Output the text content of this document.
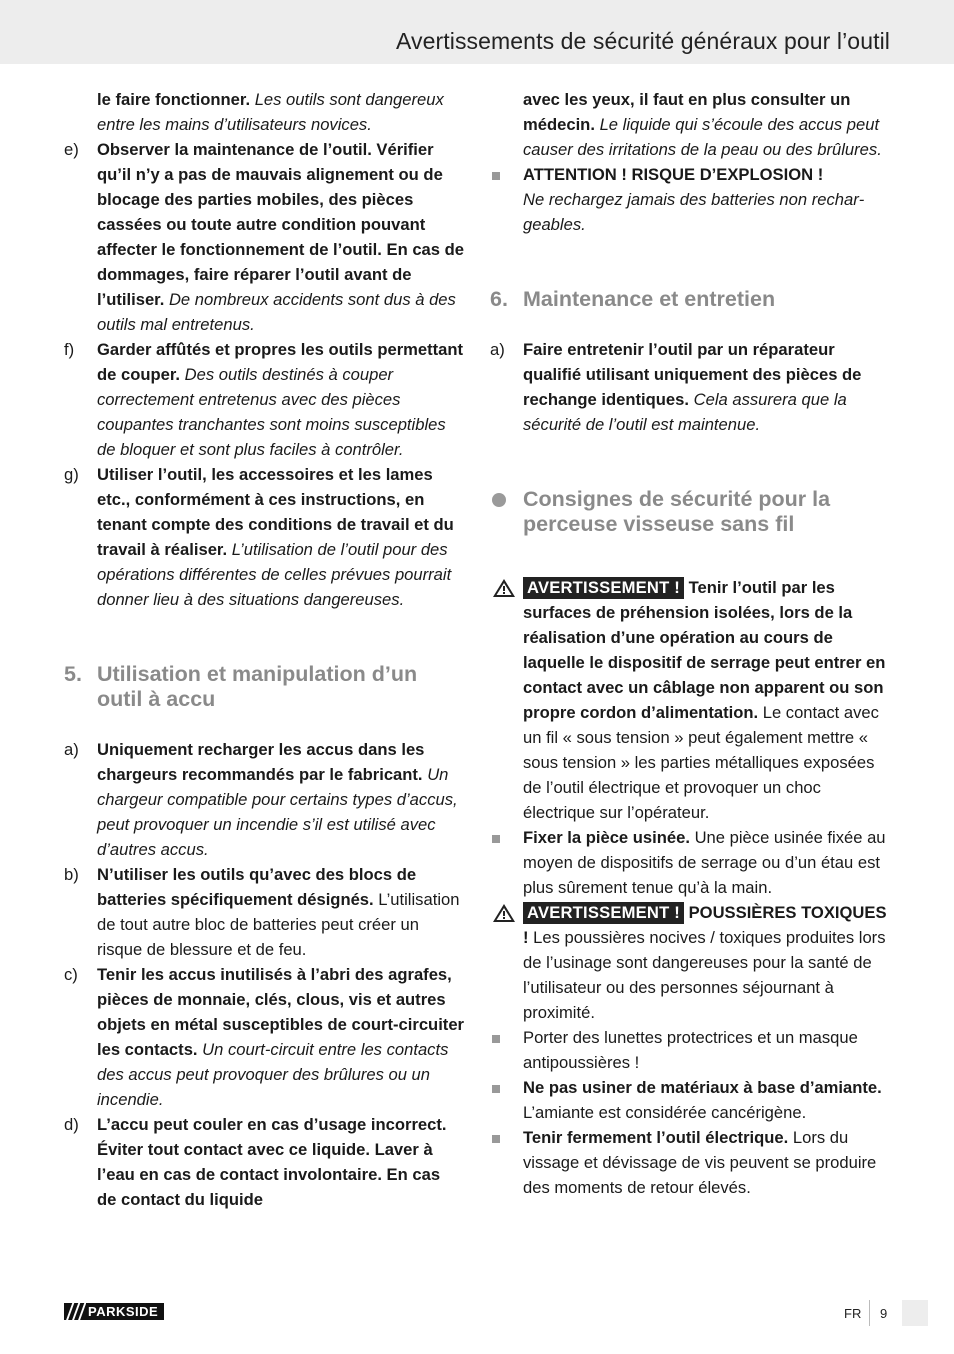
Avertissements de sécurité généraux pour l’outil
le faire fonctionner. Les outils sont dangereux entre les mains d’utilisateurs novices.
e) Observer la maintenance de l’outil. Vérifier qu’il n’y a pas de mauvais alignement ou de blocage des parties mobiles, des pièces cassées ou toute autre condition pouvant affecter le fonctionnement de l’outil. En cas de dommages, faire réparer l’outil avant de l’utiliser. De nombreux accidents sont dus à des outils mal entretenus.
f) Garder affûtés et propres les outils permettant de couper. Des outils destinés à couper correctement entretenus avec des pièces coupantes tranchantes sont moins susceptibles de bloquer et sont plus faciles à contrôler.
g) Utiliser l’outil, les accessoires et les lames etc., conformément à ces instructions, en tenant compte des conditions de travail et du travail à réaliser. L’utilisation de l’outil pour des opérations différentes de celles prévues pourrait donner lieu à des situations dangereuses.
5. Utilisation et manipulation d’un outil à accu
a) Uniquement recharger les accus dans les chargeurs recommandés par le fabricant. Un chargeur compatible pour certains types d’accus, peut provoquer un incendie s’il est utilisé avec d’autres accus.
b) N’utiliser les outils qu’avec des blocs de batteries spécifiquement désignés. L’utilisation de tout autre bloc de batteries peut créer un risque de blessure et de feu.
c) Tenir les accus inutilisés à l’abri des agrafes, pièces de monnaie, clés, clous, vis et autres objets en métal susceptibles de court-circuiter les contacts. Un court-circuit entre les contacts des accus peut provoquer des brûlures ou un incendie.
d) L’accu peut couler en cas d’usage incorrect. Éviter tout contact avec ce liquide. Laver à l’eau en cas de contact involontaire. En cas de contact du liquide
avec les yeux, il faut en plus consulter un médecin. Le liquide qui s’écoule des accus peut causer des irritations de la peau ou des brûlures.
ATTENTION ! RISQUE D’EXPLOSION !
Ne rechargez jamais des batteries non rechargeables.
6. Maintenance et entretien
a) Faire entretenir l’outil par un réparateur qualifié utilisant uniquement des pièces de rechange identiques. Cela assurera que la sécurité de l’outil est maintenue.
Consignes de sécurité pour la perceuse visseuse sans fil
AVERTISSEMENT ! Tenir l’outil par les surfaces de préhension isolées, lors de la réalisation d’une opération au cours de laquelle le dispositif de serrage peut entrer en contact avec un câblage non apparent ou son propre cordon d’alimentation. Le contact avec un fil « sous tension » peut également mettre « sous tension » les parties métalliques exposées de l’outil électrique et provoquer un choc électrique sur l’opérateur.
Fixer la pièce usinée. Une pièce usinée fixée au moyen de dispositifs de serrage ou d’un étau est plus sûrement tenue qu’à la main.
AVERTISSEMENT ! POUSSIÈRES TOXIQUES ! Les poussières nocives / toxiques produites lors de l’usinage sont dangereuses pour la santé de l’utilisateur ou des personnes séjournant à proximité.
Porter des lunettes protectrices et un masque antipoussières !
Ne pas usiner de matériaux à base d’amiante. L’amiante est considérée cancérigène.
Tenir fermement l’outil électrique. Lors du vissage et dévissage de vis peuvent se produire des moments de retour élevés.
PARKSIDE	FR 9
